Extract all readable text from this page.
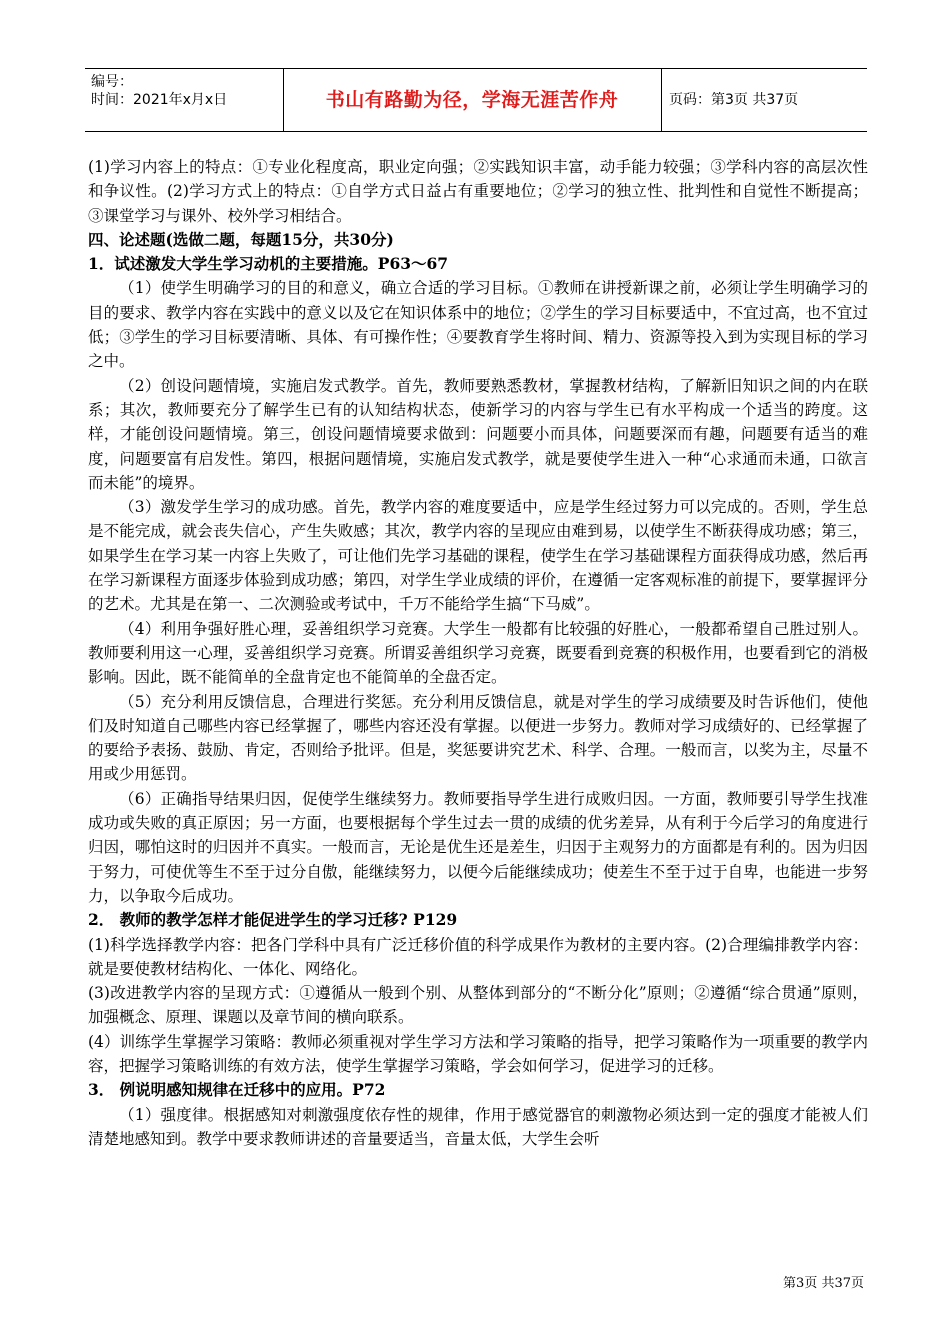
编号：
时间：2021年x月x日	书山有路勤为径，学海无涯苦作舟	页码：第3页 共37页

(1)学习内容上的特点：①专业化程度高，职业定向强；②实践知识丰富，动手能力较强；③学科内容的高层次性和争议性。(2)学习方式上的特点：①自学方式日益占有重要地位；②学习的独立性、批判性和自觉性不断提高；③课堂学习与课外、校外学习相结合。

四、论述题(选做二题，每题15分，共30分)

1．试述激发大学生学习动机的主要措施。P63～67

（1）使学生明确学习的目的和意义，确立合适的学习目标。①教师在讲授新课之前，必须让学生明确学习的目的要求、教学内容在实践中的意义以及它在知识体系中的地位；②学生的学习目标要适中，不宜过高，也不宜过低；③学生的学习目标要清晰、具体、有可操作性；④要教育学生将时间、精力、资源等投入到为实现目标的学习之中。

（2）创设问题情境，实施启发式教学。首先，教师要熟悉教材，掌握教材结构，了解新旧知识之间的内在联系；其次，教师要充分了解学生已有的认知结构状态，使新学习的内容与学生已有水平构成一个适当的跨度。这样，才能创设问题情境。第三，创设问题情境要求做到：问题要小而具体，问题要深而有趣，问题要有适当的难度，问题要富有启发性。第四，根据问题情境，实施启发式教学，就是要使学生进入一种“心求通而未通，口欲言而未能”的境界。

（3）激发学生学习的成功感。首先，教学内容的难度要适中，应是学生经过努力可以完成的。否则，学生总是不能完成，就会丧失信心，产生失败感；其次，教学内容的呈现应由难到易，以使学生不断获得成功感；第三，如果学生在学习某一内容上失败了，可让他们先学习基础的课程，使学生在学习基础课程方面获得成功感，然后再在学习新课程方面逐步体验到成功感；第四，对学生学业成绩的评价，在遵循一定客观标准的前提下，要掌握评分的艺术。尤其是在第一、二次测验或考试中，千万不能给学生搞“下马威”。

（4）利用争强好胜心理，妥善组织学习竞赛。大学生一般都有比较强的好胜心，一般都希望自己胜过别人。教师要利用这一心理，妥善组织学习竞赛。所谓妥善组织学习竞赛，既要看到竞赛的积极作用，也要看到它的消极影响。因此，既不能简单的全盘肯定也不能简单的全盘否定。

（5）充分利用反馈信息，合理进行奖惩。充分利用反馈信息，就是对学生的学习成绩要及时告诉他们，使他们及时知道自己哪些内容已经掌握了，哪些内容还没有掌握。以便进一步努力。教师对学习成绩好的、已经掌握了的要给予表扬、鼓励、肯定，否则给予批评。但是，奖惩要讲究艺术、科学、合理。一般而言，以奖为主，尽量不用或少用惩罚。

（6）正确指导结果归因，促使学生继续努力。教师要指导学生进行成败归因。一方面，教师要引导学生找准成功或失败的真正原因；另一方面，也要根据每个学生过去一贯的成绩的优劣差异，从有利于今后学习的角度进行归因，哪怕这时的归因并不真实。一般而言，无论是优生还是差生，归因于主观努力的方面都是有利的。因为归因于努力，可使优等生不至于过分自傲，能继续努力，以便今后能继续成功；使差生不至于过于自卑，也能进一步努力，以争取今后成功。

2． 教师的教学怎样才能促进学生的学习迁移? P129

(1)科学选择教学内容：把各门学科中具有广泛迁移价值的科学成果作为教材的主要内容。(2)合理编排教学内容：就是要使教材结构化、一体化、网络化。

(3)改进教学内容的呈现方式：①遵循从一般到个别、从整体到部分的“不断分化”原则；②遵循“综合贯通”原则，加强概念、原理、课题以及章节间的横向联系。

(4）训练学生掌握学习策略：教师必须重视对学生学习方法和学习策略的指导，把学习策略作为一项重要的教学内容，把握学习策略训练的有效方法，使学生掌握学习策略，学会如何学习，促进学习的迁移。

3． 例说明感知规律在迁移中的应用。P72

（1）强度律。根据感知对刺激强度依存性的规律，作用于感觉器官的刺激物必须达到一定的强度才能被人们清楚地感知到。教学中要求教师讲述的音量要适当，音量太低，大学生会听

第3页 共37页
